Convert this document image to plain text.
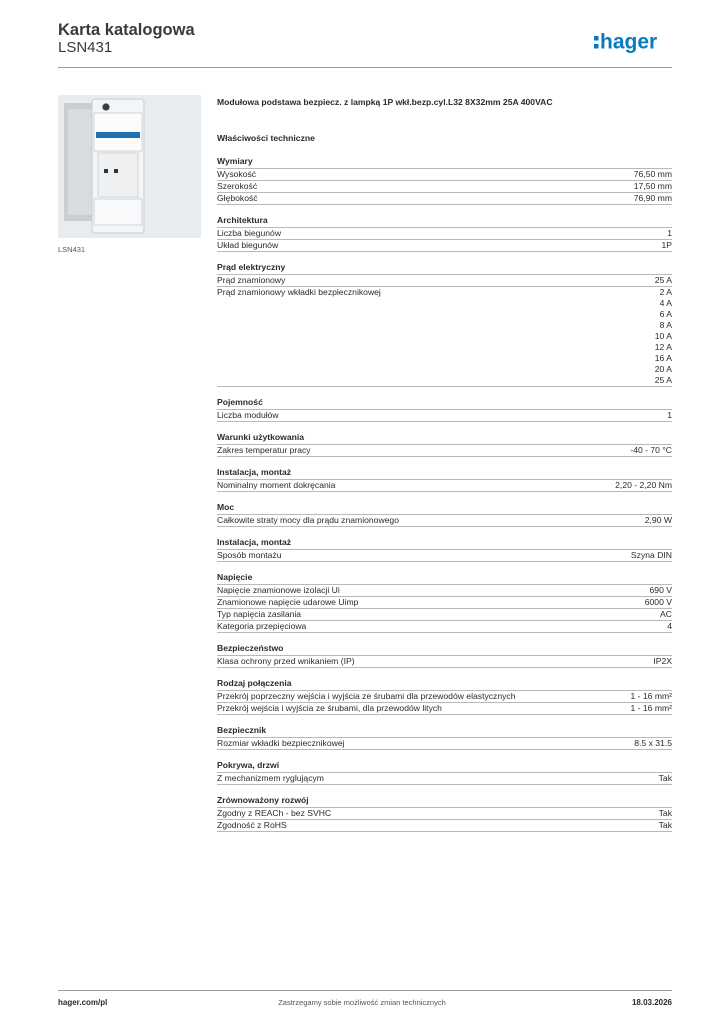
Karta katalogowa
LSN431	hager
LSN431
Modułowa podstawa bezpiecz. z lampką 1P wkł.bezp.cyl.L32 8X32mm 25A 400VAC
Właściwości techniczne
Wymiary
Wysokość	76,50 mm
Szerokość	17,50 mm
Głębokość	76,90 mm
Architektura
Liczba biegunów	1
Układ biegunów	1P
Prąd elektryczny
Prąd znamionowy	25 A
Prąd znamionowy wkładki bezpiecznikowej	2 A
4 A
6 A
8 A
10 A
12 A
16 A
20 A
25 A
Pojemność
Liczba modułów	1
Warunki użytkowania
Zakres temperatur pracy	-40 - 70 °C
Instalacja, montaż
Nominalny moment dokręcania	2,20 - 2,20 Nm
Moc
Całkowite straty mocy dla prądu znamionowego	2,90 W
Instalacja, montaż
Sposób montażu	Szyna DIN
Napięcie
Napięcie znamionowe izolacji Ui	690 V
Znamionowe napięcie udarowe Uimp	6000 V
Typ napięcia zasilania	AC
Kategoria przepięciowa	4
Bezpieczeństwo
Klasa ochrony przed wnikaniem (IP)	IP2X
Rodzaj połączenia
Przekrój poprzeczny wejścia i wyjścia ze śrubami dla przewodów elastycznych	1 - 16 mm²
Przekrój wejścia i wyjścia ze śrubami, dla przewodów litych	1 - 16 mm²
Bezpiecznik
Rozmiar wkładki bezpiecznikowej	8.5 x 31.5
Pokrywa, drzwi
Z mechanizmem ryglującym	Tak
Zrównoważony rozwój
Zgodny z REACh - bez SVHC	Tak
Zgodność z RoHS	Tak
hager.com/pl	Zastrzegamy sobie możliwość zmian technicznych	18.03.2026
